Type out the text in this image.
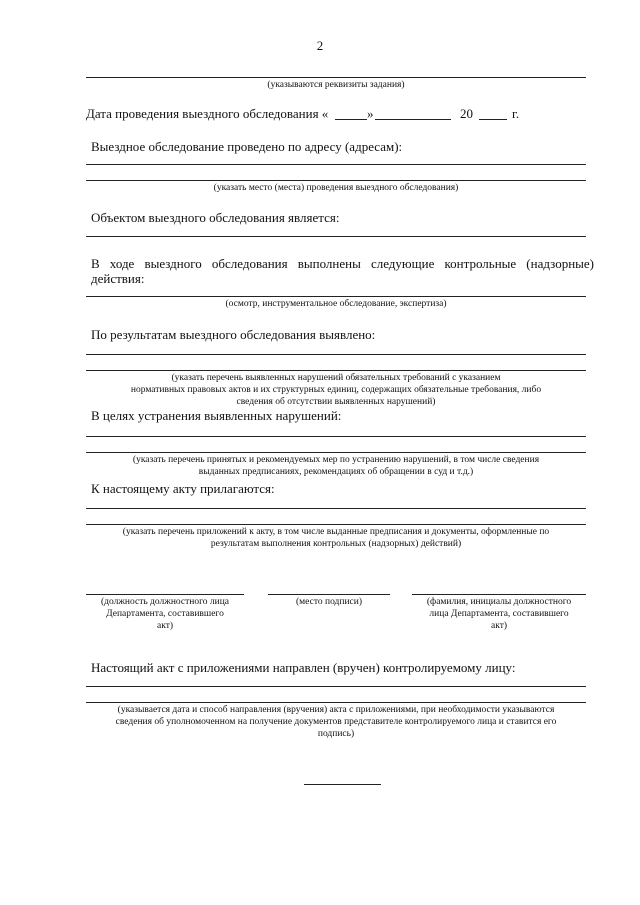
2
(указываются реквизиты задания)
Дата проведения выездного обследования «	»	20	г.
Выездное обследование проведено по адресу (адресам):
(указать место (места) проведения выездного обследования)
Объектом выездного обследования является:
В ходе выездного обследования выполнены следующие контрольные (надзорные)
действия:
(осмотр, инструментальное обследование, экспертиза)
По результатам выездного обследования выявлено:
(указать перечень выявленных нарушений обязательных требований с указанием
нормативных правовых актов и их структурных единиц, содержащих обязательные требования, либо
сведения об отсутствии выявленных нарушений)
В целях устранения выявленных нарушений:
(указать перечень принятых и рекомендуемых мер по устранению нарушений, в том числе сведения
выданных предписаниях, рекомендациях об обращении в суд и т.д.)
К настоящему акту прилагаются:
(указать перечень приложений к акту, в том числе выданные предписания и документы, оформленные по
результатам выполнения контрольных (надзорных) действий)
(должность должностного лица
Департамента, составившего
акт)
(место подписи)	(фамилия, инициалы должностного
лица Департамента, составившего
акт)
Настоящий акт с приложениями направлен (вручен) контролируемому лицу:
(указывается дата и способ направления (вручения) акта с приложениями, при необходимости указываются
сведения об уполномоченном на получение документов представителе контролируемого лица и ставится его
подпись)
